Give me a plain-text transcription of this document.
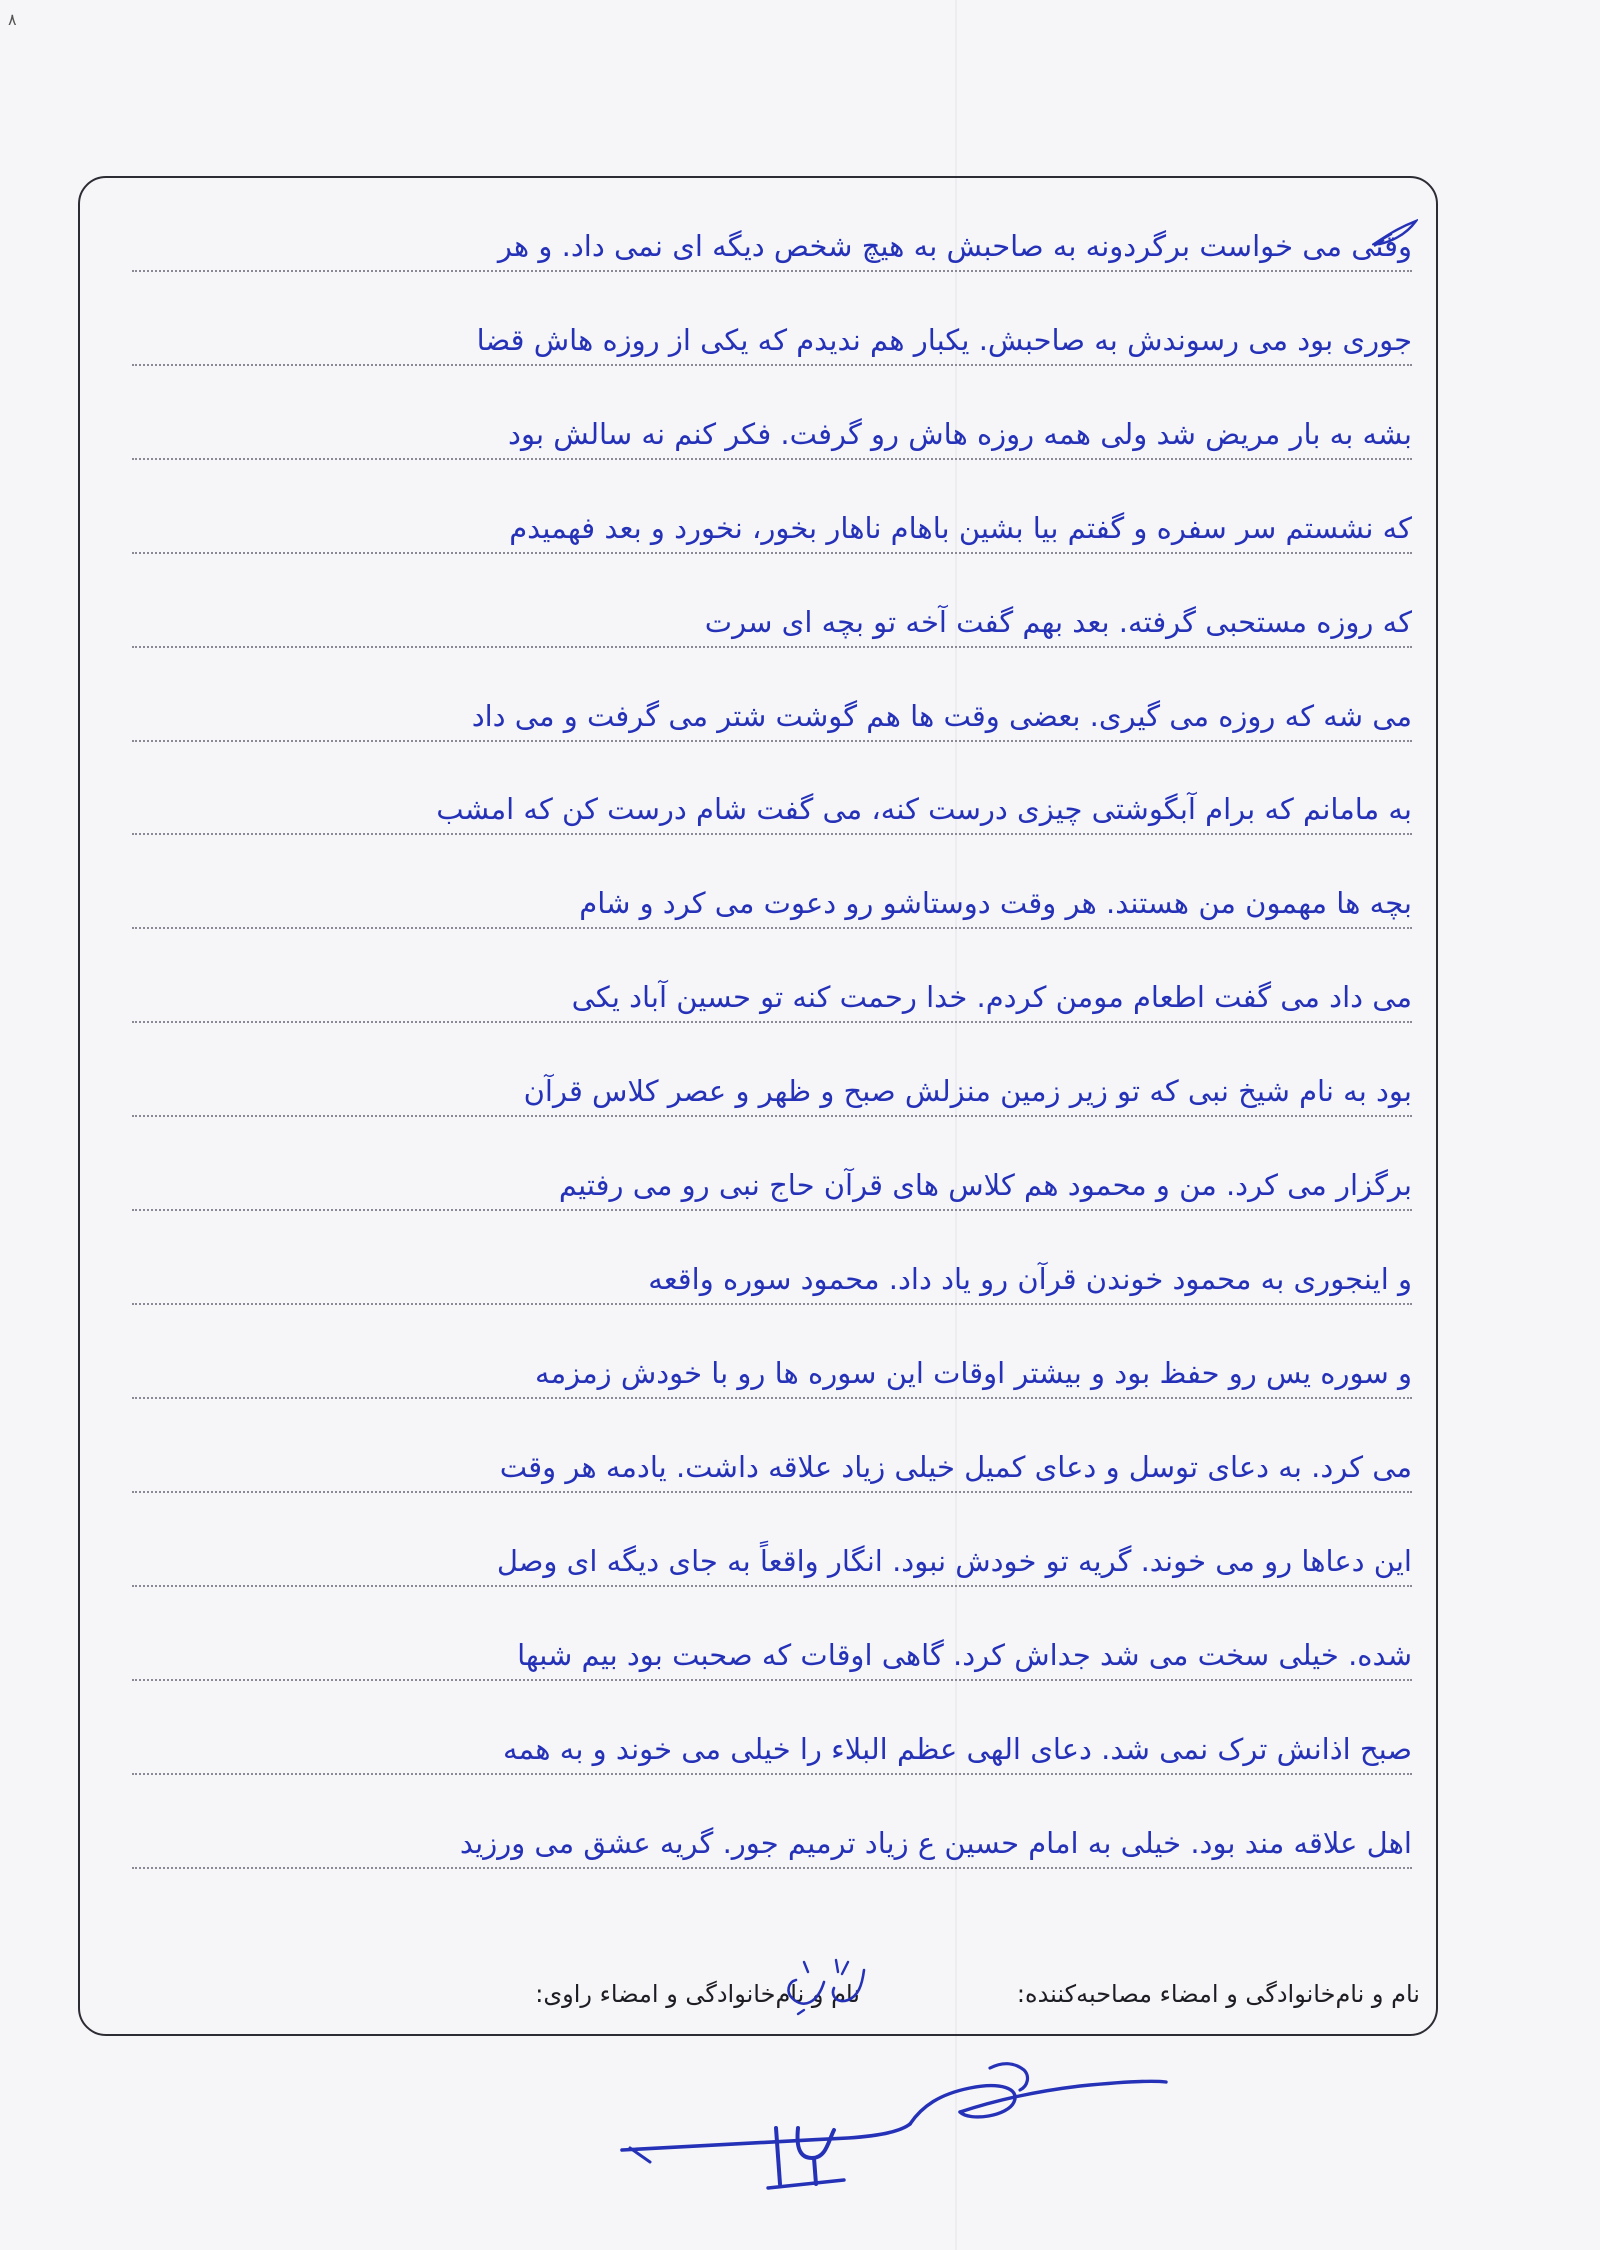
۸
وقتی می خواست برگردونه به صاحبش به هیچ شخص دیگه ای نمی داد. و هر
جوری بود می رسوندش به صاحبش. یکبار هم ندیدم که یکی از روزه هاش قضا
بشه به بار مریض شد ولی همه روزه هاش رو گرفت. فکر کنم نه سالش بود
که نشستم سر سفره و گفتم بیا بشین باهام ناهار بخور، نخورد و بعد فهمیدم
که روزه مستحبی گرفته. بعد بهم گفت آخه تو بچه ای سرت
می شه که روزه می گیری. بعضی وقت ها هم گوشت شتر می گرفت و می داد
به مامانم که برام آبگوشتی چیزی درست کنه، می گفت شام درست کن که امشب
بچه ها مهمون من هستند. هر وقت دوستاشو رو دعوت می کرد و شام
می داد می گفت اطعام مومن کردم. خدا رحمت کنه تو حسین آباد یکی
بود به نام شیخ نبی که تو زیر زمین منزلش صبح و ظهر و عصر کلاس قرآن
برگزار می کرد. من و محمود هم کلاس های قرآن حاج نبی رو می رفتیم
و اینجوری به محمود خوندن قرآن رو یاد داد. محمود سوره واقعه
و سوره یس رو حفظ بود و بیشتر اوقات این سوره ها رو با خودش زمزمه
می کرد. به دعای توسل و دعای کمیل خیلی زیاد علاقه داشت. یادمه هر وقت
این دعاها رو می خوند. گریه تو خودش نبود. انگار واقعاً به جای دیگه ای وصل
شده. خیلی سخت می شد جداش کرد. گاهی اوقات که صحبت بود بیم شبها
صبح اذانش ترک نمی شد. دعای الهی عظم البلاء را خیلی می خوند و به همه
اهل علاقه مند بود. خیلی به امام حسین ع زیاد ترمیم جور. گریه عشق می ورزید
نام و نام‌خانوادگی و امضاء مصاحبه‌کننده:
نام و نام‌خانوادگی و امضاء راوی:
